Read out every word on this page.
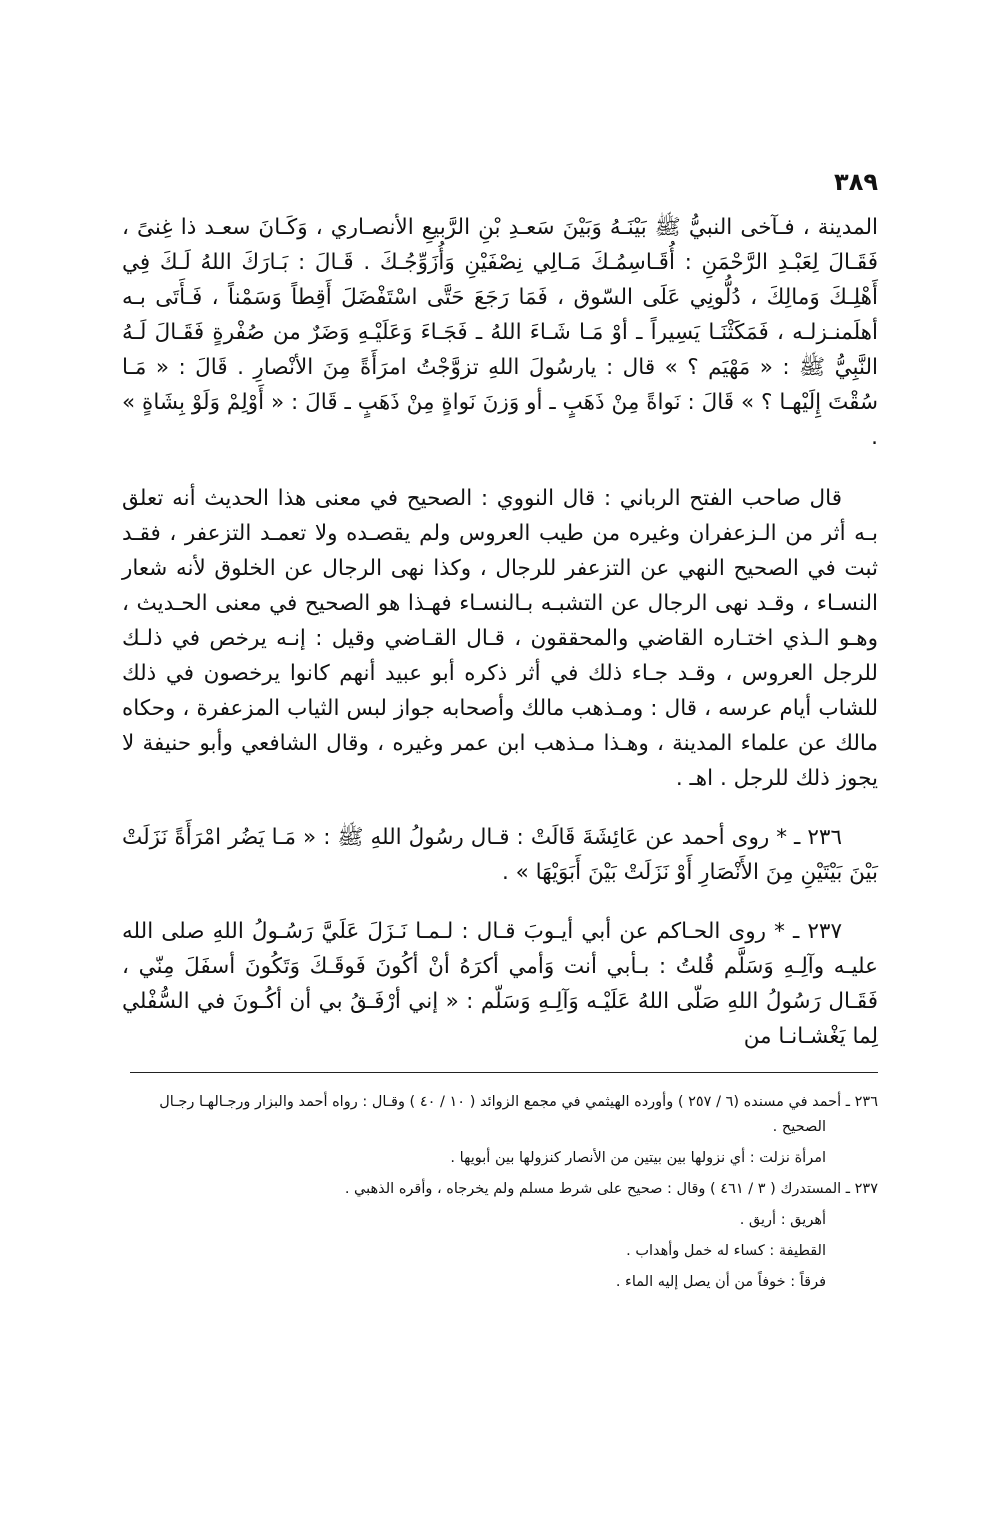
٣٨٩

المدينة ، فـآخى النبيُّ ﷺ بَيْنَـهُ وَبَيْنَ سَعـدِ بْنِ الرَّبيعِ الأنصـاري ، وَكَـانَ سعـد ذا غِنىً ، فَقَـالَ لِعَبْـدِ الرَّحْمَنِ : أُقَـاسِمُـكَ مَـالِي نِصْفَيْنِ وَأُزَوِّجُـكَ . قَـالَ : بَـارَكَ اللهُ لَـكَ فِي أَهْلِـكَ وَمالِكَ ، دُلُّونِي عَلَى السّوق ، فَمَا رَجَعَ حَتَّى اسْتَفْضَلَ أَقِطاً وَسَمْناً ، فَـأَتَى بـه أهلَمنـزلـه ، فَمَكَثْنَـا يَسِيراً ـ أوْ مَـا شَـاءَ اللهُ ـ فَجَـاءَ وَعَلَيْـهِ وَضَرٌ من صُفْرةٍ فَقَـالَ لَـهُ النَّبِيُّ ﷺ : « مَهْيَم ؟ » قال : يارسُولَ اللهِ تزوَّجْتُ امرَأَةً مِنَ الأنْصارِ . قَالَ : « مَـا سُقْتَ إِلَيْهـا ؟ » قَالَ : نَواةً مِنْ ذَهَبٍ ـ أو وَزنَ نَواةٍ مِنْ ذَهَبٍ ـ قَالَ : « أَوْلِمْ وَلَوْ بِشَاةٍ » .

قال صاحب الفتح الرباني : قال النووي : الصحيح في معنى هذا الحديث أنه تعلق بـه أثر من الـزعفران وغيره من طيب العروس ولم يقصـده ولا تعمـد التزعفر ، فقـد ثبت في الصحيح النهي عن التزعفر للرجال ، وكذا نهى الرجال عن الخلوق لأنه شعار النسـاء ، وقـد نهى الرجال عن التشبـه بـالنسـاء فهـذا هو الصحيح في معنى الحـديث ، وهـو الـذي اختـاره القاضي والمحققون ، قـال القـاضي وقيل : إنـه يرخص في ذلـك للرجل العروس ، وقـد جـاء ذلك في أثر ذكره أبو عبيد أنهم كانوا يرخصون في ذلك للشاب أيام عرسه ، قال : ومـذهب مالك وأصحابه جواز لبس الثياب المزعفرة ، وحكاه مالك عن علماء المدينة ، وهـذا مـذهب ابن عمر وغيره ، وقال الشافعي وأبو حنيفة لا يجوز ذلك للرجل . اهـ .

٢٣٦ ـ * روى أحمد عن عَائِشَةَ قَالَتْ : قـال رسُولُ اللهِ ﷺ : « مَـا يَضُر امْرَأَةً نَزَلَتْ بَيْنَ بَيْتَيْنِ مِنَ الأَنْصَارِ أَوْ نَزَلَتْ بَيْنَ أَبَوَيْهَا » .

٢٣٧ ـ * روى الحـاكم عن أبي أيـوبَ قـال : لـمـا نَـزَلَ عَلَيَّ رَسُـولُ اللهِ صلى الله عليـه وآلِـهِ وَسَلَّم قُلتُ : بـأبي أنت وَأمي أكرَهُ أنْ أكُونَ فَوقَـكَ وَتَكُونَ أسفَلَ مِنّي ، فَقَـال رَسُولُ اللهِ صَلّى اللهُ عَلَيْـه وَآلِـهِ وَسَلّم : « إني أرْفَـقُ بي أن أكُـونَ في السُّفْلي لِما يَغْشـانـا من

٢٣٦ ـ أحمد في مسنده (٦ / ٢٥٧ ) وأورده الهيثمي في مجمع الزوائد ( ١٠ / ٤٠ ) وقـال : رواه أحمد والبزار ورجـالهـا رجـال

الصحيح .

امرأة نزلت : أي نزولها بين بيتين من الأنصار كنزولها بين أبويها .

٢٣٧ ـ المستدرك ( ٣ / ٤٦١ ) وقال : صحيح على شرط مسلم ولم يخرجاه ، وأقره الذهبي .

أهريق : أريق .

القطيفة : كساء له خمل وأهداب .

فرقاً : خوفاً من أن يصل إليه الماء .
